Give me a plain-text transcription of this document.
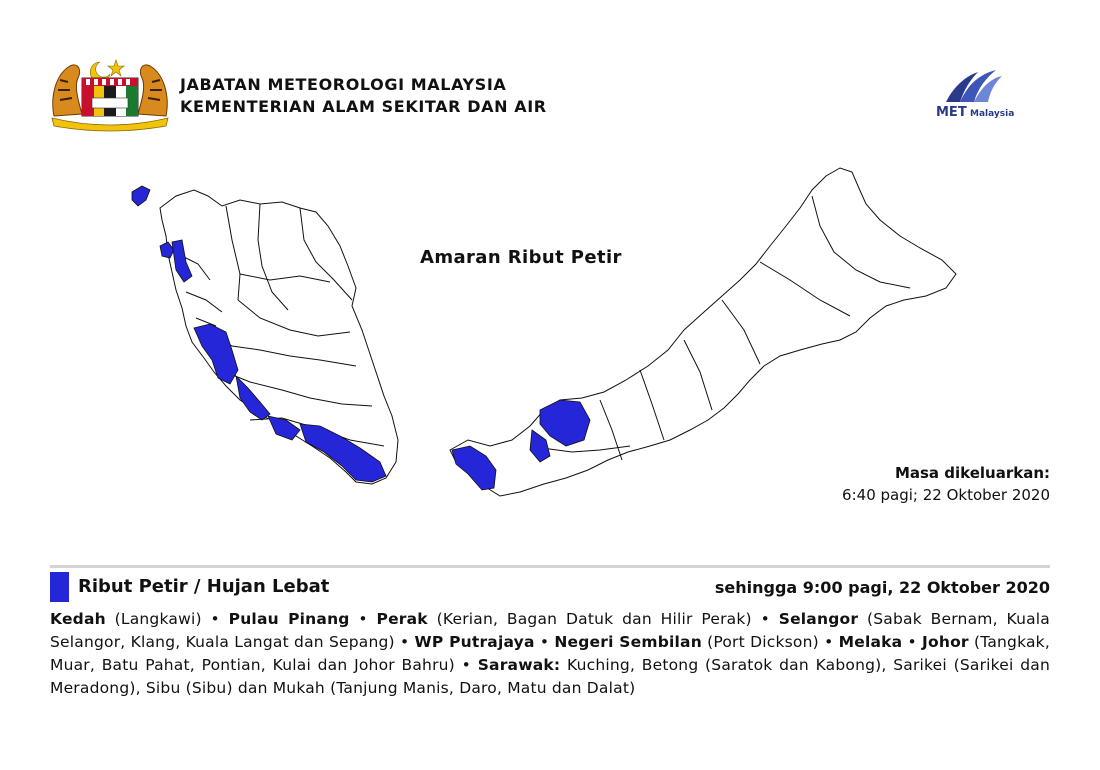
JABATAN METEOROLOGI MALAYSIA
KEMENTERIAN ALAM SEKITAR DAN AIR	MET Malaysia
Amaran Ribut Petir
Masa dikeluarkan:
6:40 pagi; 22 Oktober 2020
Ribut Petir / Hujan Lebat	sehingga 9:00 pagi, 22 Oktober 2020
Kedah (Langkawi) • Pulau Pinang • Perak (Kerian, Bagan Datuk dan Hilir Perak) • Selangor (Sabak Bernam, Kuala Selangor, Klang, Kuala Langat dan Sepang) • WP Putrajaya • Negeri Sembilan (Port Dickson) • Melaka • Johor (Tangkak, Muar, Batu Pahat, Pontian, Kulai dan Johor Bahru) • Sarawak: Kuching, Betong (Saratok dan Kabong), Sarikei (Sarikei dan Meradong), Sibu (Sibu) dan Mukah (Tanjung Manis, Daro, Matu dan Dalat)
